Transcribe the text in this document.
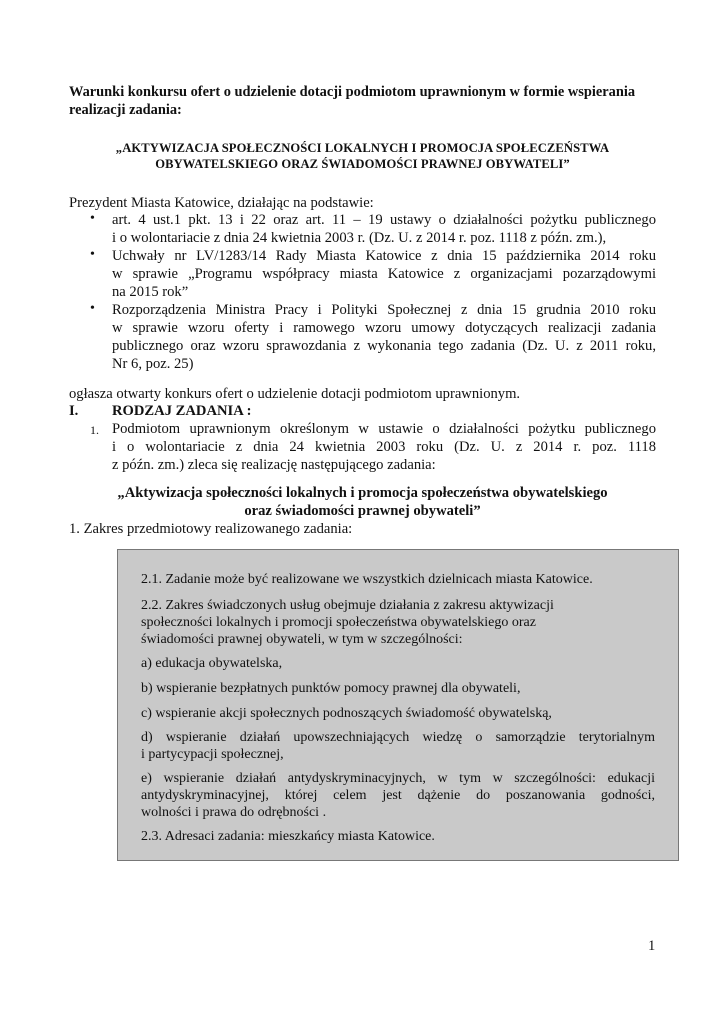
Warunki konkursu ofert o udzielenie dotacji podmiotom uprawnionym w formie wspierania
realizacji zadania:
„AKTYWIZACJA SPOŁECZNOŚCI LOKALNYCH I PROMOCJA SPOŁECZEŃSTWA
OBYWATELSKIEGO ORAZ ŚWIADOMOŚCI PRAWNEJ OBYWATELI”
Prezydent Miasta Katowice, działając na podstawie:
• art. 4 ust.1 pkt. 13 i 22 oraz art. 11 – 19 ustawy o działalności pożytku publicznego
i o wolontariacie z dnia 24 kwietnia 2003 r. (Dz. U. z 2014 r. poz. 1118 z późn. zm.),
• Uchwały nr LV/1283/14 Rady Miasta Katowice z dnia 15 października 2014 roku
w sprawie „Programu współpracy miasta Katowice z organizacjami pozarządowymi
na 2015 rok”
• Rozporządzenia Ministra Pracy i Polityki Społecznej z dnia 15 grudnia 2010 roku
w sprawie wzoru oferty i ramowego wzoru umowy dotyczących realizacji zadania
publicznego oraz wzoru sprawozdania z wykonania tego zadania (Dz. U. z 2011 roku,
Nr 6, poz. 25)
ogłasza otwarty konkurs ofert o udzielenie dotacji podmiotom uprawnionym.
I. RODZAJ ZADANIA :
1. Podmiotom uprawnionym określonym w ustawie o działalności pożytku publicznego
i o wolontariacie z dnia 24 kwietnia 2003 roku (Dz. U. z 2014 r. poz. 1118
z późn. zm.) zleca się realizację następującego zadania:
„Aktywizacja społeczności lokalnych i promocja społeczeństwa obywatelskiego
oraz świadomości prawnej obywateli”
1. Zakres przedmiotowy realizowanego zadania:
2.1. Zadanie może być realizowane we wszystkich dzielnicach miasta Katowice.
2.2. Zakres świadczonych usług obejmuje działania z zakresu aktywizacji
społeczności lokalnych i promocji społeczeństwa obywatelskiego oraz
świadomości prawnej obywateli, w tym w szczególności:
a) edukacja obywatelska,
b) wspieranie bezpłatnych punktów pomocy prawnej dla obywateli,
c) wspieranie akcji społecznych podnoszących świadomość obywatelską,
d) wspieranie działań upowszechniających wiedzę o samorządzie terytorialnym
i partycypacji społecznej,
e) wspieranie działań antydyskryminacyjnych, w tym w szczególności: edukacji
antydyskryminacyjnej, której celem jest dążenie do poszanowania godności,
wolności i prawa do odrębności .
2.3. Adresaci zadania: mieszkańcy miasta Katowice.
1
